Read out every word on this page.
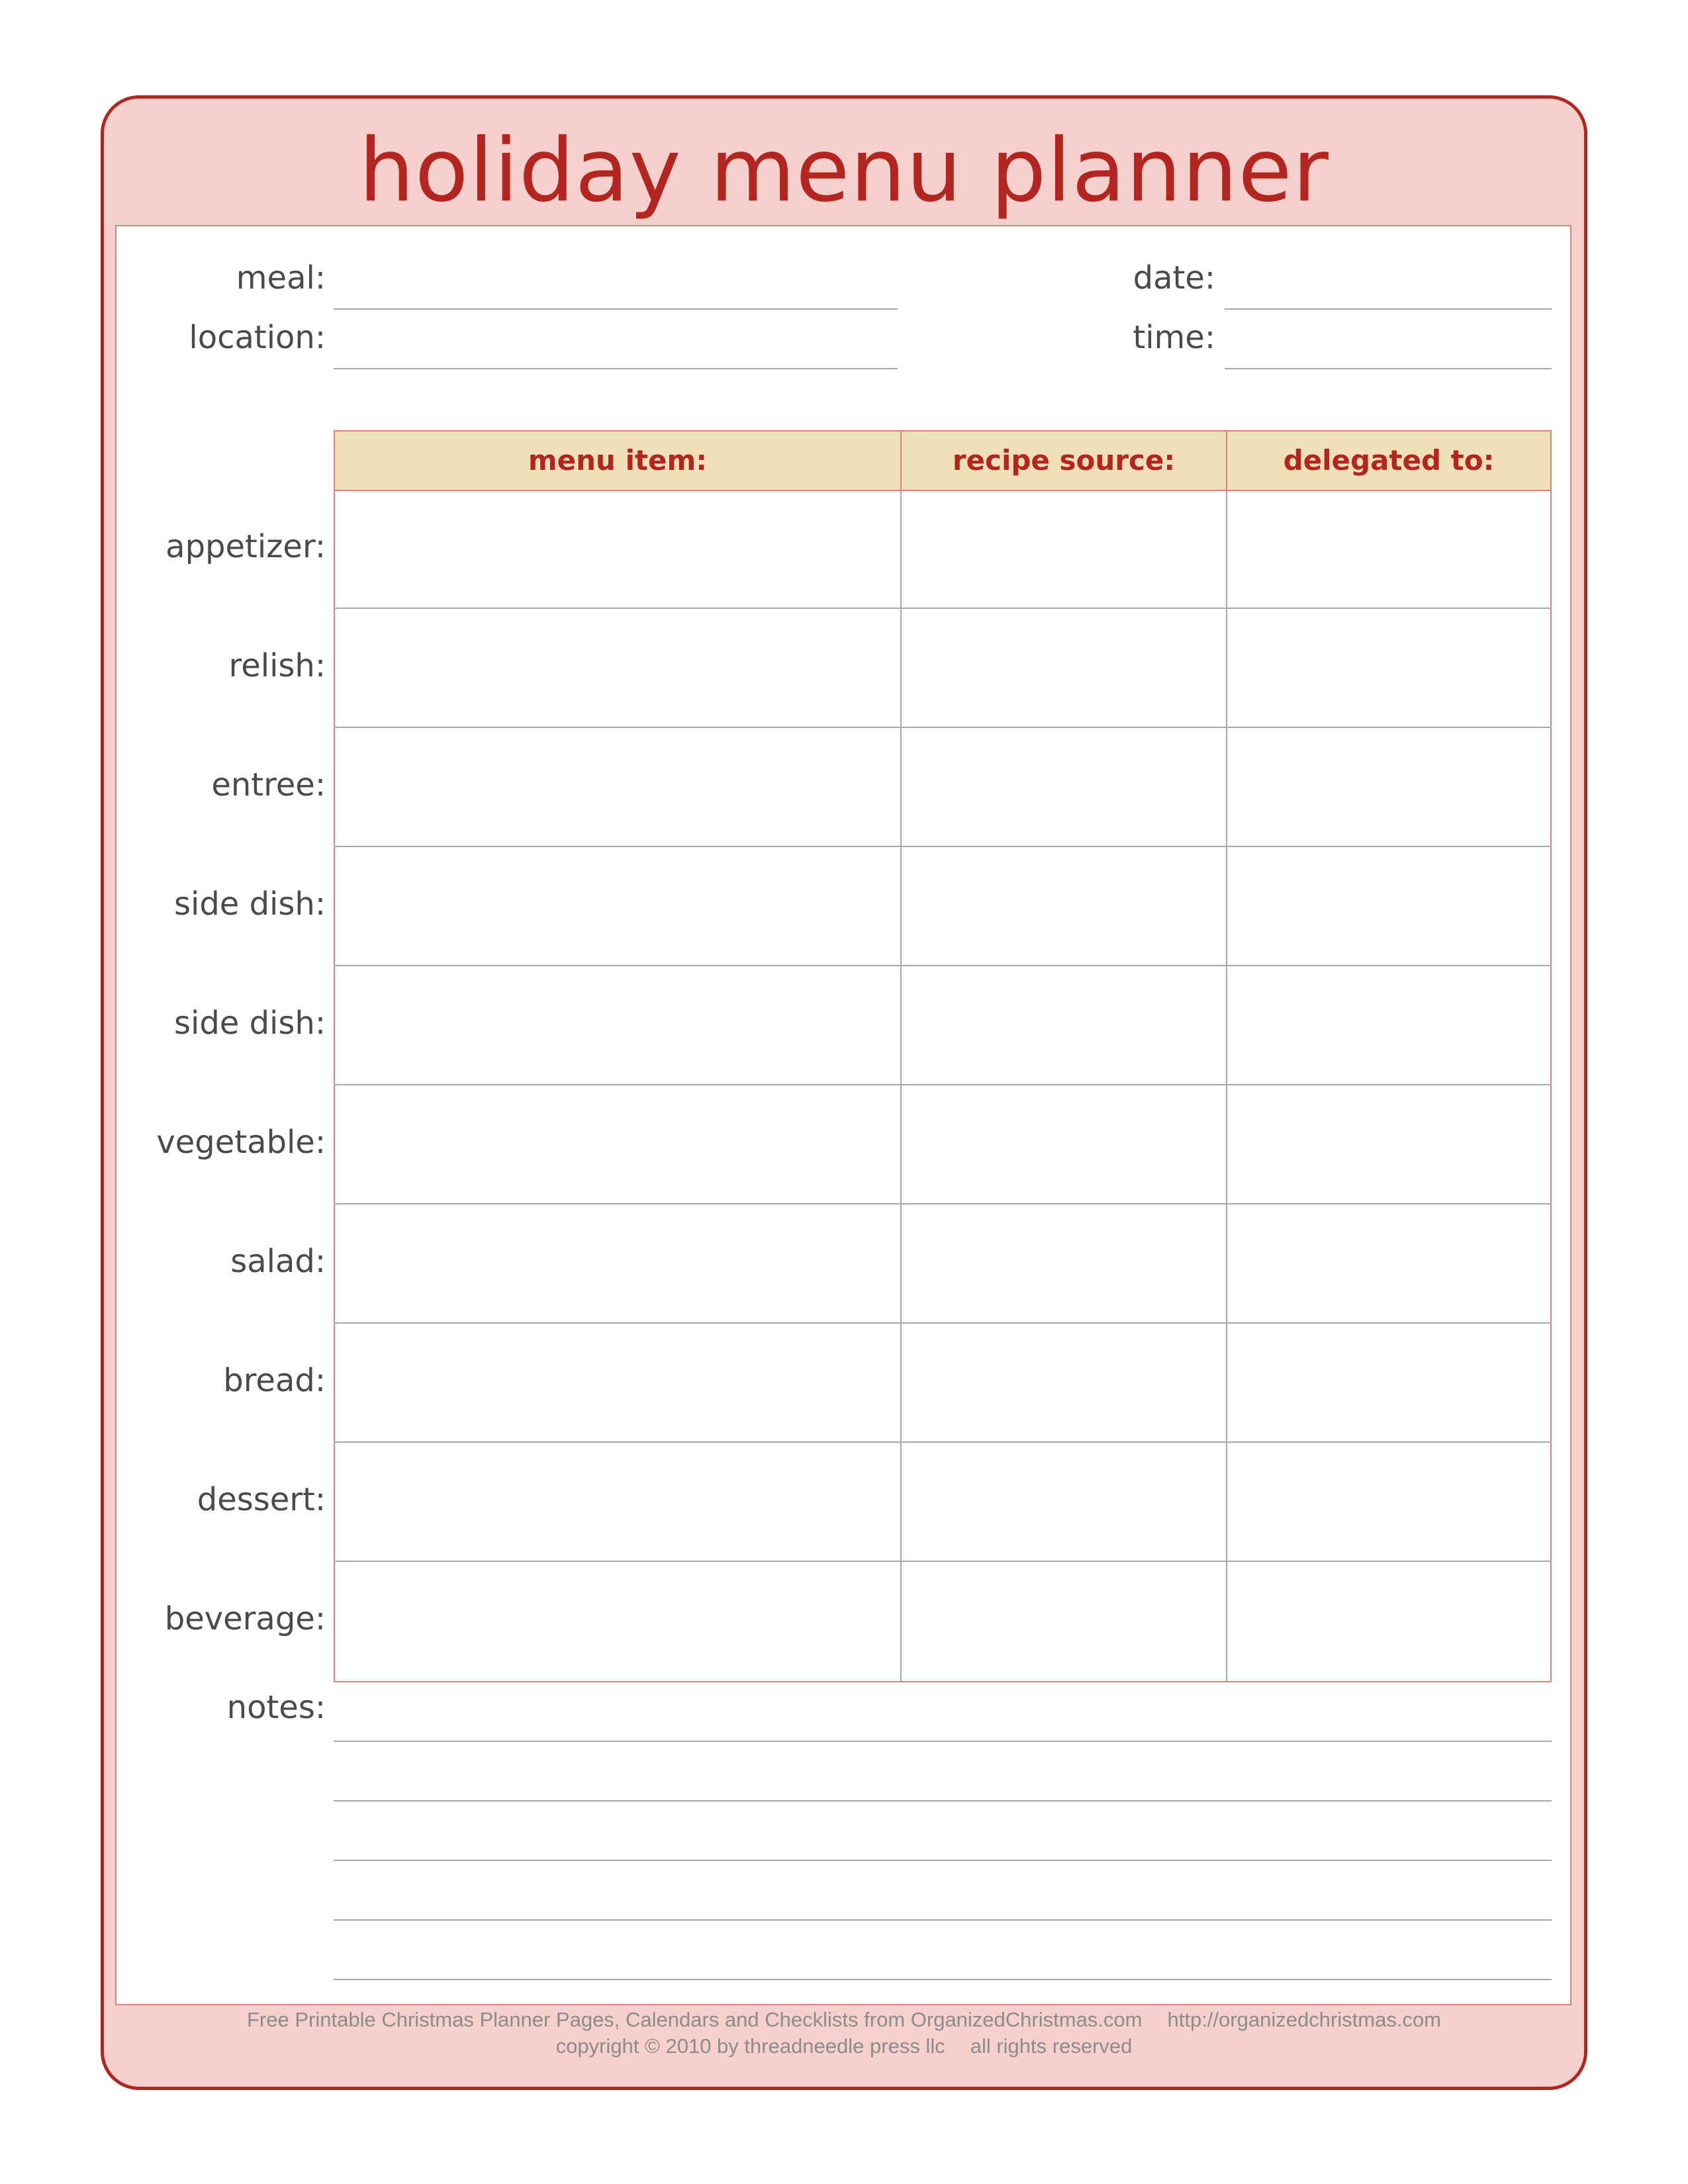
holiday menu planner
meal:
location:
date:
time:
menu item:	recipe source:	delegated to:
appetizer:
relish:
entree:
side dish:
side dish:
vegetable:
salad:
bread:
dessert:
beverage:
notes:
Free Printable Christmas Planner Pages, Calendars and Checklists from OrganizedChristmas.com http://organizedchristmas.com
copyright © 2010 by threadneedle press llc all rights reserved
